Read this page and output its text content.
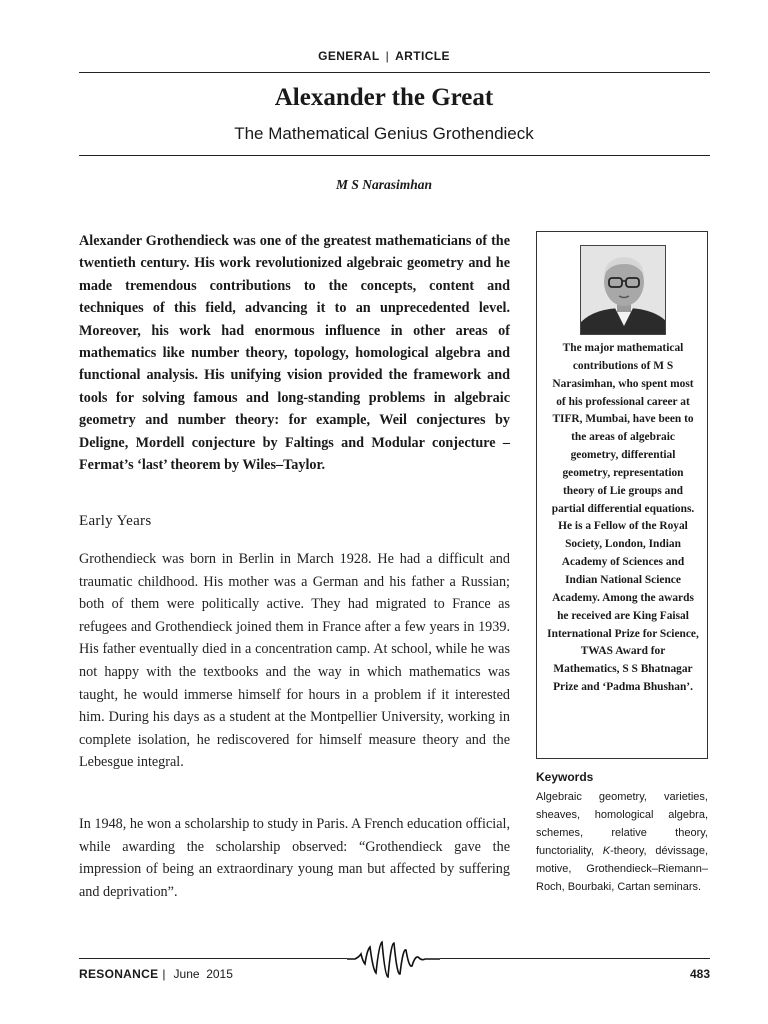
GENERAL | ARTICLE
Alexander the Great
The Mathematical Genius Grothendieck
M S Narasimhan
Alexander Grothendieck was one of the greatest mathematicians of the twentieth century. His work revolutionized algebraic geometry and he made tremendous contributions to the concepts, content and techniques of this field, advancing it to an unprecedented level. Moreover, his work had enormous influence in other areas of mathematics like number theory, topology, homological algebra and functional analysis. His unifying vision provided the framework and tools for solving famous and long-standing problems in algebraic geometry and number theory: for example, Weil conjectures by Deligne, Mordell conjecture by Faltings and Modular conjecture – Fermat’s ‘last’ theorem by Wiles–Taylor.
Early Years
Grothendieck was born in Berlin in March 1928. He had a difficult and traumatic childhood. His mother was a German and his father a Russian; both of them were politically active. They had migrated to France as refugees and Grothendieck joined them in France after a few years in 1939. His father eventually died in a concentration camp. At school, while he was not happy with the textbooks and the way in which mathematics was taught, he would immerse himself for hours in a problem if it interested him. During his days as a student at the Montpellier University, working in complete isolation, he rediscovered for himself measure theory and the Lebesgue integral.
In 1948, he won a scholarship to study in Paris. A French education official, while awarding the scholarship observed: “Grothendieck gave the impression of being an extraordinary young man but affected by suffering and deprivation”.
The major mathematical contributions of M S Narasimhan, who spent most of his professional career at TIFR, Mumbai, have been to the areas of algebraic geometry, differential geometry, representation theory of Lie groups and partial differential equations. He is a Fellow of the Royal Society, London, Indian Academy of Sciences and Indian National Science Academy. Among the awards he received are King Faisal International Prize for Science, TWAS Award for Mathematics, S S Bhatnagar Prize and ‘Padma Bhushan’.
Keywords
Algebraic geometry, varieties, sheaves, homological algebra, schemes, relative theory, functoriality, K-theory, dévissage, motive, Grothendieck–Riemann–Roch, Bourbaki, Cartan seminars.
RESONANCE | June  2015	483
